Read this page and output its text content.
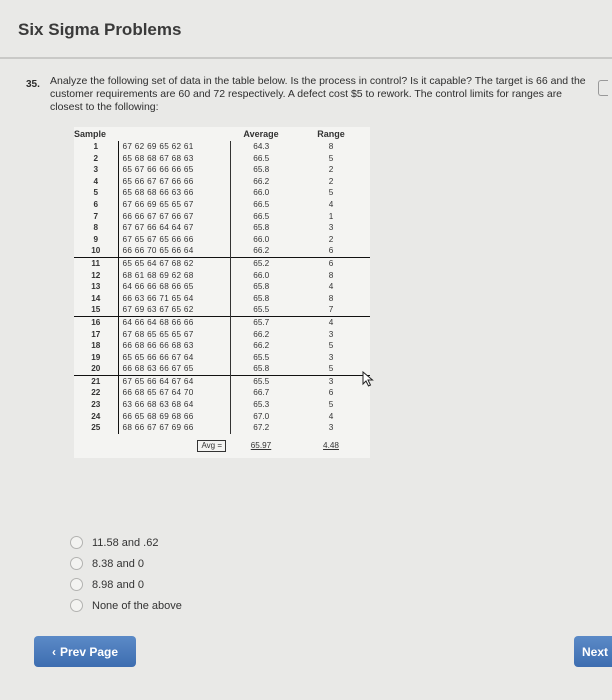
Six Sigma Problems
35. Analyze the following set of data in the table below. Is the process in control? Is it capable? The target is 66 and the customer requirements are 60 and 72 respectively. A defect cost $5 to rework. The control limits for ranges are closest to the following:
Sample		Average	Range
1	67 62 69 65 62 61	64.3	8
2	65 68 68 67 68 63	66.5	5
3	65 67 66 66 66 65	65.8	2
4	65 66 67 67 66 66	66.2	2
5	65 68 68 66 63 66	66.0	5
6	67 66 69 65 65 67	66.5	4
7	66 66 67 67 66 67	66.5	1
8	67 67 66 64 64 67	65.8	3
9	67 65 67 65 66 66	66.0	2
10	66 66 70 65 66 64	66.2	6
11	65 65 64 67 68 62	65.2	6
12	68 61 68 69 62 68	66.0	8
13	64 66 66 68 66 65	65.8	4
14	66 63 66 71 65 64	65.8	8
15	67 69 63 67 65 62	65.5	7
16	64 66 64 68 66 66	65.7	4
17	67 68 65 65 65 67	66.2	3
18	66 68 66 66 68 63	66.2	5
19	65 65 66 66 67 64	65.5	3
20	66 68 63 66 67 65	65.8	5
21	67 65 66 64 67 64	65.5	3
22	66 68 65 67 64 70	66.7	6
23	63 66 68 63 68 64	65.3	5
24	66 65 68 69 68 66	67.0	4
25	68 66 67 67 69 66	67.2	3
	Avg =	65.97	4.48
11.58 and .62
8.38 and 0
8.98 and 0
None of the above
‹ Prev Page	Next
